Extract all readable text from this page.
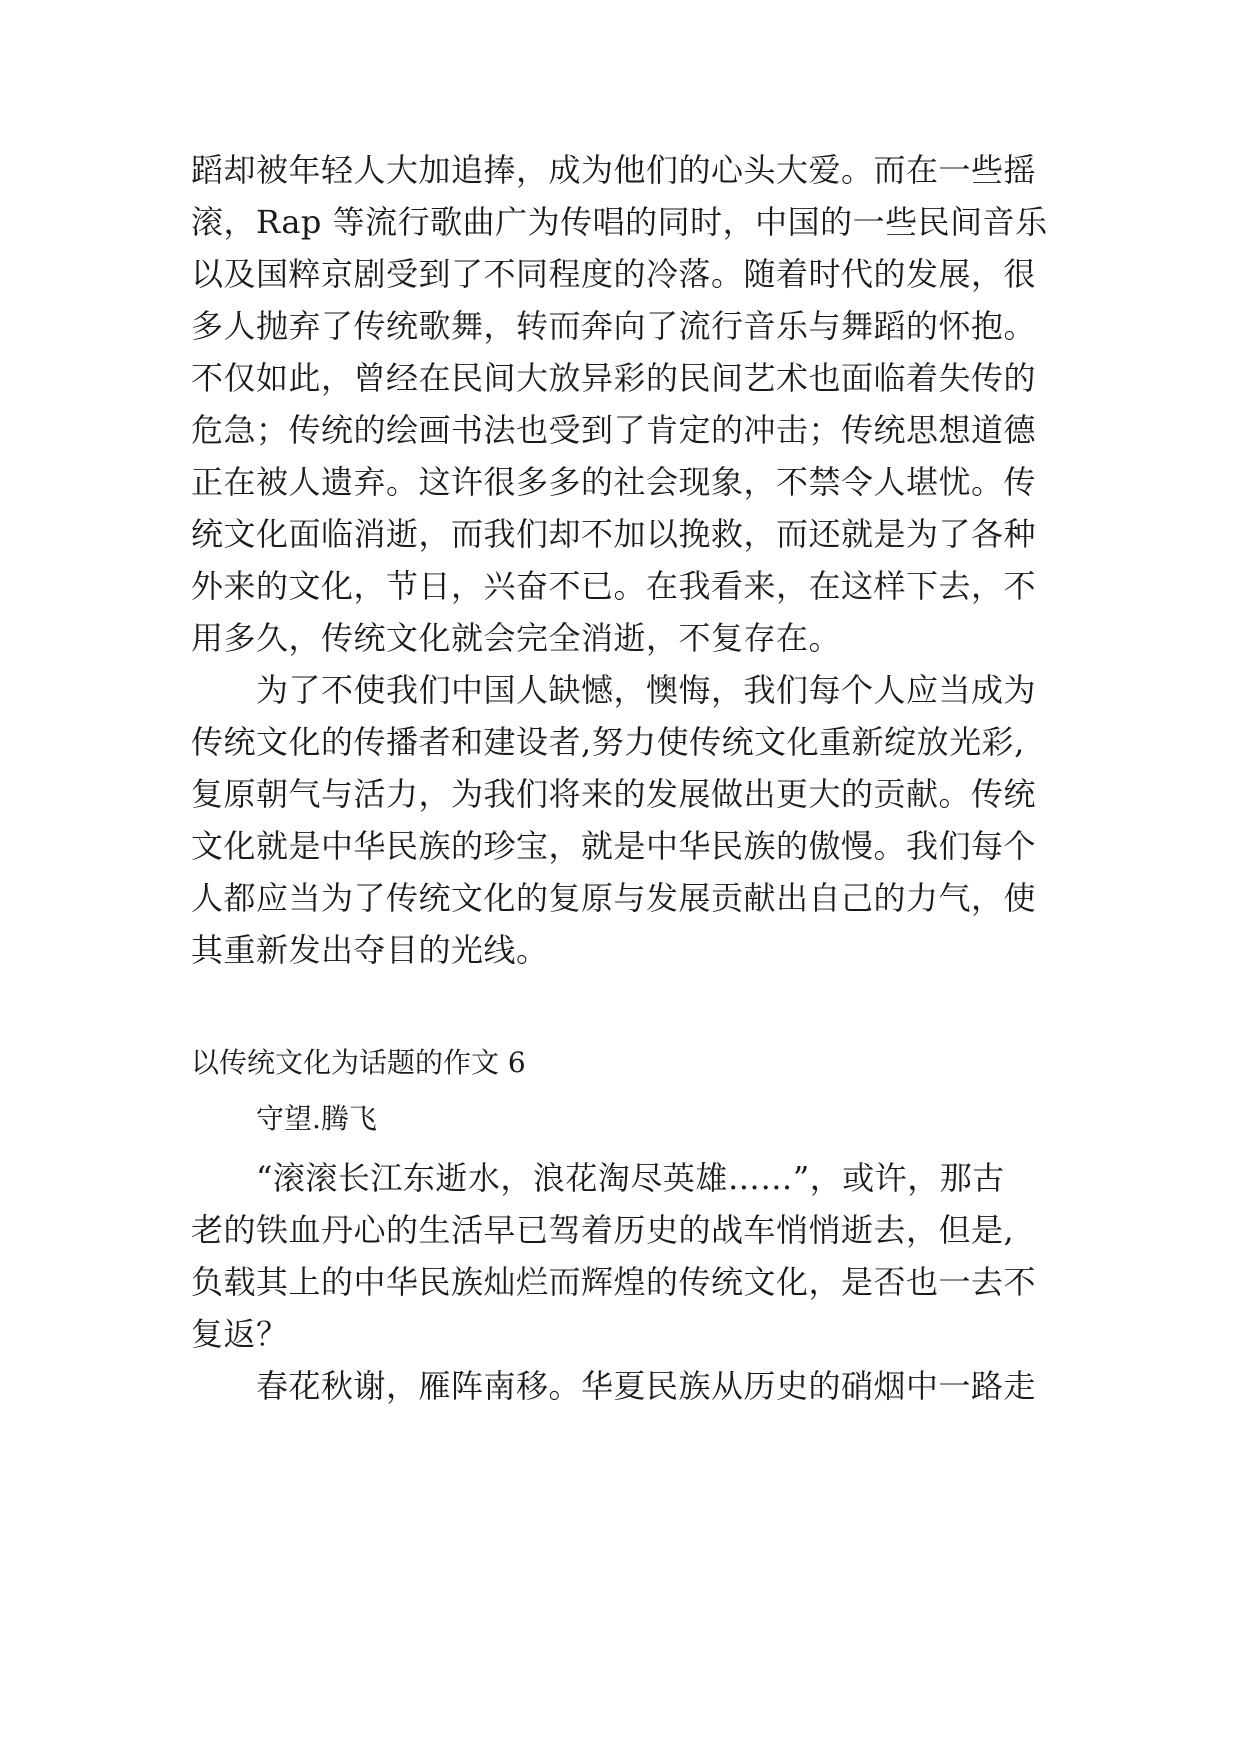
蹈却被年轻人大加追捧，成为他们的心头大爱。而在一些摇
滚，Rap 等流行歌曲广为传唱的同时，中国的一些民间音乐
以及国粹京剧受到了不同程度的冷落。随着时代的发展，很
多人抛弃了传统歌舞，转而奔向了流行音乐与舞蹈的怀抱。
不仅如此，曾经在民间大放异彩的民间艺术也面临着失传的
危急；传统的绘画书法也受到了肯定的冲击；传统思想道德
正在被人遗弃。这许很多多的社会现象，不禁令人堪忧。传
统文化面临消逝，而我们却不加以挽救，而还就是为了各种
外来的文化，节日，兴奋不已。在我看来，在这样下去，不
用多久，传统文化就会完全消逝，不复存在。
为了不使我们中国人缺憾，懊悔，我们每个人应当成为
传统文化的传播者和建设者,努力使传统文化重新绽放光彩,
复原朝气与活力，为我们将来的发展做出更大的贡献。传统
文化就是中华民族的珍宝，就是中华民族的傲慢。我们每个
人都应当为了传统文化的复原与发展贡献出自己的力气，使
其重新发出夺目的光线。
以传统文化为话题的作文 6
守望.腾飞
“滚滚长江东逝水，浪花淘尽英雄……”，或许，那古
老的铁血丹心的生活早已驾着历史的战车悄悄逝去，但是,
负载其上的中华民族灿烂而辉煌的传统文化，是否也一去不
复返？
春花秋谢，雁阵南移。华夏民族从历史的硝烟中一路走
